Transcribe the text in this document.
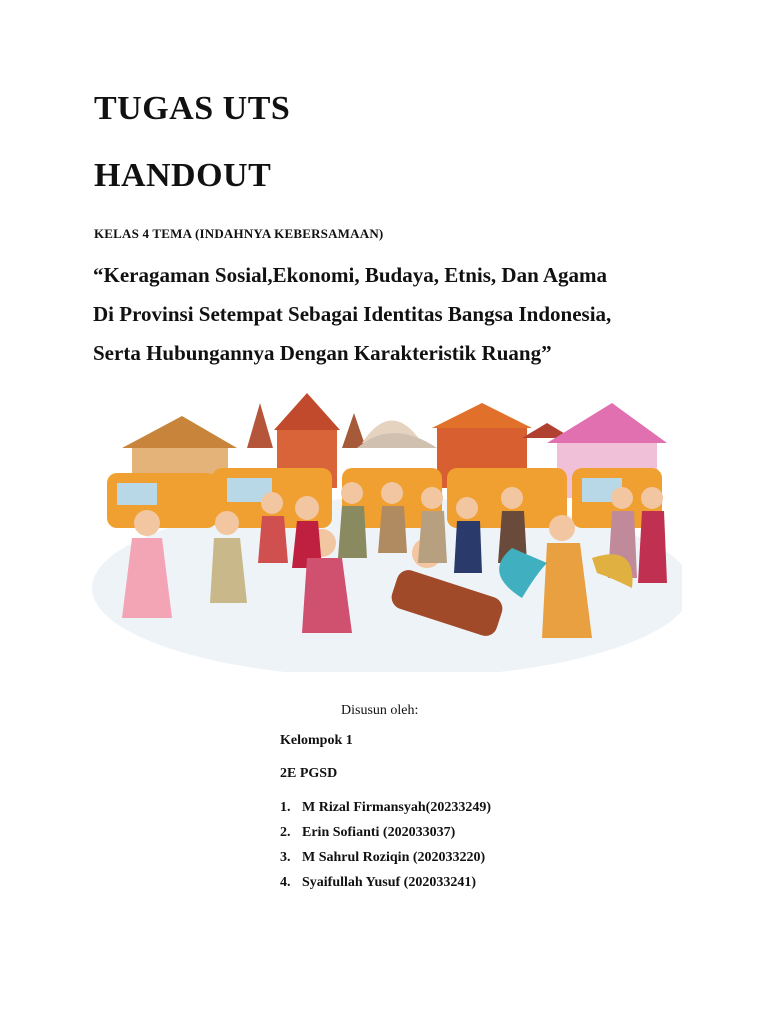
TUGAS UTS
HANDOUT
KELAS 4 TEMA (INDAHNYA KEBERSAMAAN)
“Keragaman Sosial,Ekonomi, Budaya, Etnis, Dan Agama
Di Provinsi Setempat Sebagai Identitas Bangsa Indonesia,
Serta Hubungannya Dengan Karakteristik Ruang”
Disusun oleh:
Kelompok 1
2E PGSD
1. M Rizal Firmansyah(20233249)
2. Erin Sofianti (202033037)
3. M Sahrul Roziqin (202033220)
4. Syaifullah Yusuf (202033241)
